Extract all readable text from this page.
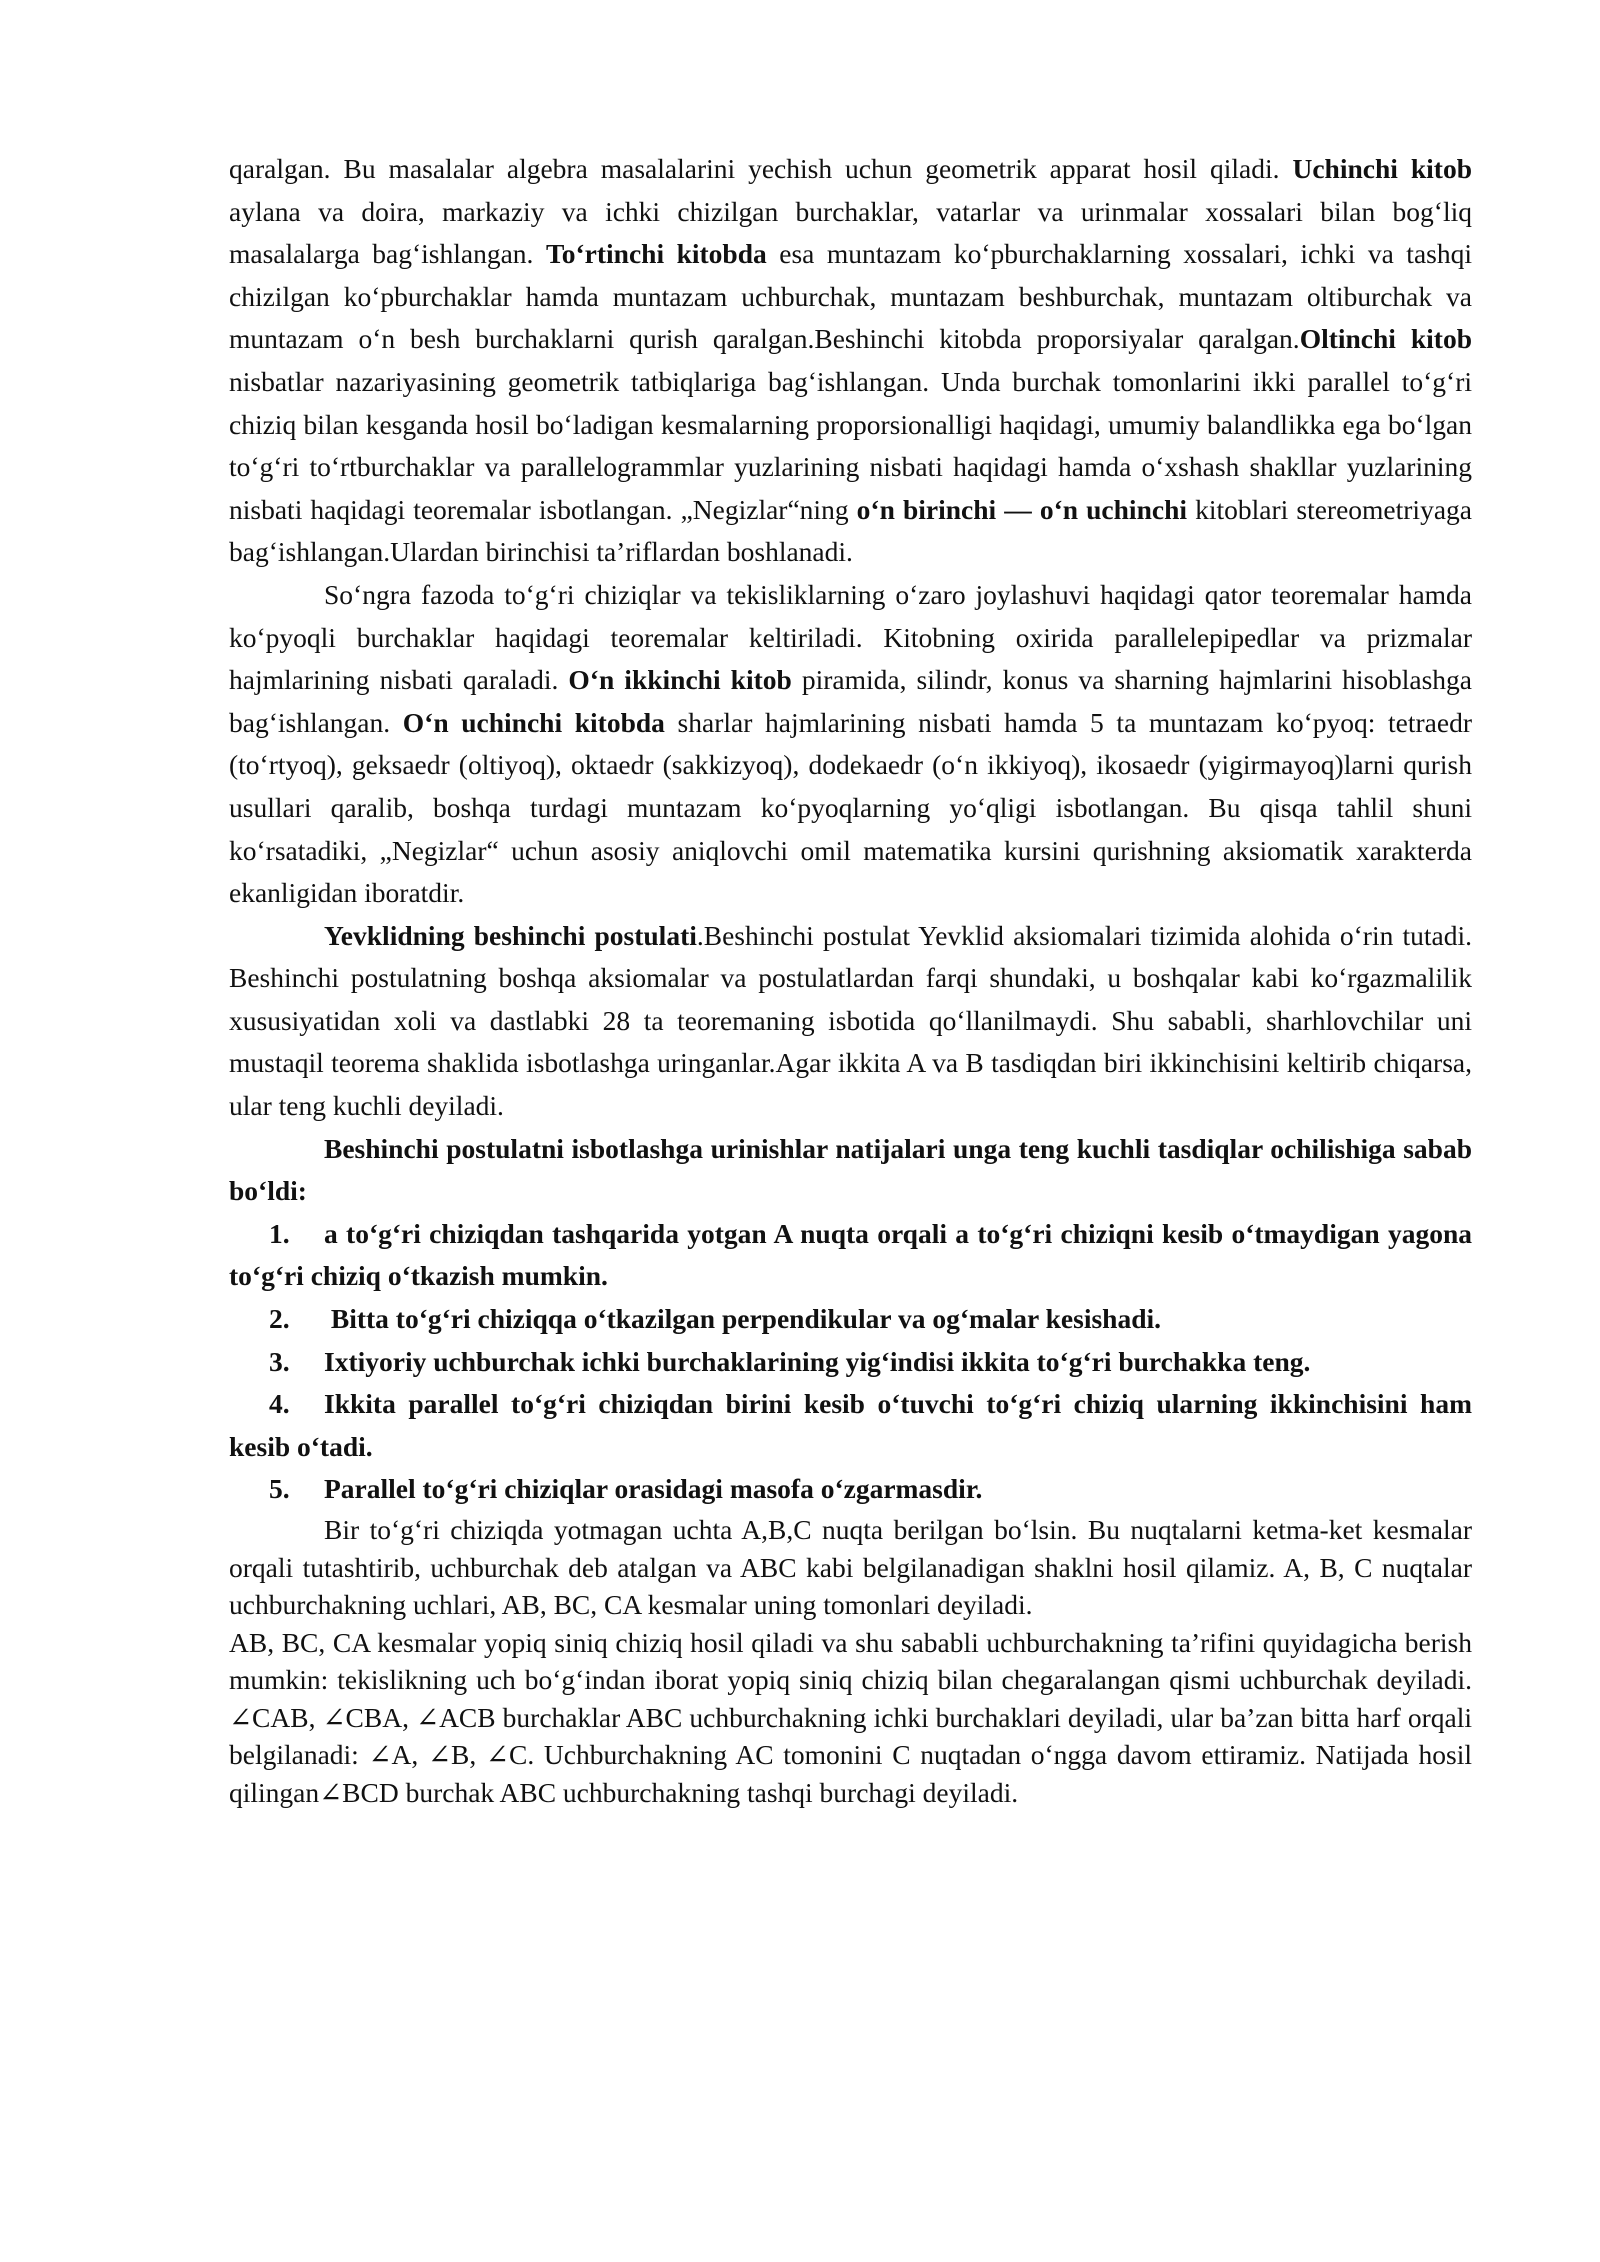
qaralgan. Bu masalalar algebra masalalarini yechish uchun geometrik apparat hosil qiladi. Uchinchi kitob aylana va doira, markaziy va ichki chizilgan burchaklar, vatarlar va urinmalar xossalari bilan bog‘liq masalalarga bag‘ishlangan. To‘rtinchi kitobda esa muntazam ko‘pburchaklarning xossalari, ichki va tashqi chizilgan ko‘pburchaklar hamda muntazam uchburchak, muntazam beshburchak, muntazam oltiburchak va muntazam o‘n besh burchaklarni qurish qaralgan.Beshinchi kitobda proporsiyalar qaralgan.Oltinchi kitob nisbatlar nazariyasining geometrik tatbiqlariga bag‘ishlangan. Unda burchak tomonlarini ikki parallel to‘g‘ri chiziq bilan kesganda hosil bo‘ladigan kesmalarning proporsionalligi haqidagi, umumiy balandlikka ega bo‘lgan to‘g‘ri to‘rtburchaklar va parallelogrammlar yuzlarining nisbati haqidagi hamda o‘xshash shakllar yuzlarining nisbati haqidagi teoremalar isbotlangan. „Negizlar“ning o‘n birinchi — o‘n uchinchi kitoblari stereometriyaga bag‘ishlangan.Ulardan birinchisi ta’riflardan boshlanadi.

So‘ngra fazoda to‘g‘ri chiziqlar va tekisliklarning o‘zaro joylashuvi haqidagi qator teoremalar hamda ko‘pyoqli burchaklar haqidagi teoremalar keltiriladi. Kitobning oxirida parallelepipedlar va prizmalar hajmlarining nisbati qaraladi. O‘n ikkinchi kitob piramida, silindr, konus va sharning hajmlarini hisoblashga bag‘ishlangan. O‘n uchinchi kitobda sharlar hajmlarining nisbati hamda 5 ta muntazam ko‘pyoq: tetraedr (to‘rtyoq), geksaedr (oltiyoq), oktaedr (sakkizyoq), dodekaedr (o‘n ikkiyoq), ikosaedr (yigirmayoq)larni qurish usullari qaralib, boshqa turdagi muntazam ko‘pyoqlarning yo‘qligi isbotlangan. Bu qisqa tahlil shuni ko‘rsatadiki, „Negizlar“ uchun asosiy aniqlovchi omil matematika kursini qurishning aksiomatik xarakterda ekanligidan iboratdir.

Yevklidning beshinchi postulati.Beshinchi postulat Yevklid aksiomalari tizimida alohida o‘rin tutadi. Beshinchi postulatning boshqa aksiomalar va postulatlardan farqi shundaki, u boshqalar kabi ko‘rgazmalilik xususiyatidan xoli va dastlabki 28 ta teoremaning isbotida qo‘llanilmaydi. Shu sababli, sharhlovchilar uni mustaqil teorema shaklida isbotlashga uringanlar.Agar ikkita A va B tasdiqdan biri ikkinchisini keltirib chiqarsa, ular teng kuchli deyiladi.

Beshinchi postulatni isbotlashga urinishlar natijalari unga teng kuchli tasdiqlar ochilishiga sabab bo‘ldi:

1. a to‘g‘ri chiziqdan tashqarida yotgan A nuqta orqali a to‘g‘ri chiziqni kesib o‘tmaydigan yagona to‘g‘ri chiziq o‘tkazish mumkin.
2. Bitta to‘g‘ri chiziqqa o‘tkazilgan perpendikular va og‘malar kesishadi.
3. Ixtiyoriy uchburchak ichki burchaklarining yig‘indisi ikkita to‘g‘ri burchakka teng.
4. Ikkita parallel to‘g‘ri chiziqdan birini kesib o‘tuvchi to‘g‘ri chiziq ularning ikkinchisini ham kesib o‘tadi.
5. Parallel to‘g‘ri chiziqlar orasidagi masofa o‘zgarmasdir.

Bir to‘g‘ri chiziqda yotmagan uchta A,B,C nuqta berilgan bo‘lsin. Bu nuqtalarni ketma-ket kesmalar orqali tutashtirib, uchburchak deb atalgan va ABC kabi belgilanadigan shaklni hosil qilamiz. A, B, C nuqtalar uchburchakning uchlari, AB, BC, CA kesmalar uning tomonlari deyiladi.

AB, BC, CA kesmalar yopiq siniq chiziq hosil qiladi va shu sababli uchburchakning ta’rifini quyidagicha berish mumkin: tekislikning uch bo‘g‘indan iborat yopiq siniq chiziq bilan chegaralangan qismi uchburchak deyiladi. ∠CAB, ∠CBA, ∠ACB burchaklar ABC uchburchakning ichki burchaklari deyiladi, ular ba’zan bitta harf orqali belgilanadi: ∠A, ∠B, ∠C. Uchburchakning AC tomonini C nuqtadan o‘ngga davom ettiramiz. Natijada hosil qilingan∠BCD burchak ABC uchburchakning tashqi burchagi deyiladi.
